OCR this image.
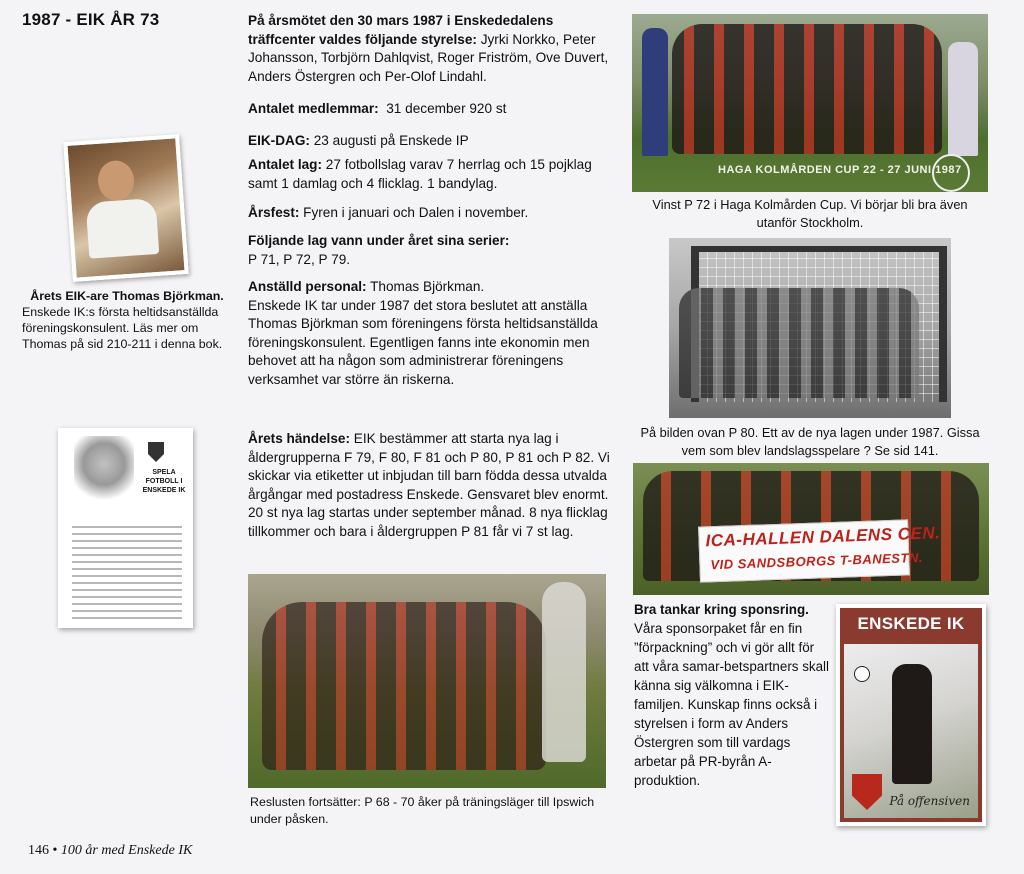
1987 - EIK ÅR 73
Årets EIK-are Thomas Björkman.
Enskede IK:s första heltidsanställda föreningskonsulent. Läs mer om Thomas på sid 210-211 i denna bok.
SPELA FOTBOLL I ENSKEDE IK
På årsmötet den 30 mars 1987 i Enskededalens träffcenter valdes följande styrelse: Jyrki Norkko, Peter Johansson, Torbjörn Dahlqvist, Roger Friström, Ove Duvert, Anders Östergren och Per-Olof Lindahl.
Antalet medlemmar: 31 december 920 st
EIK-DAG: 23 augusti på Enskede IP
Antalet lag: 27 fotbollslag varav 7 herrlag och 15 pojklag samt 1 damlag och 4 flicklag. 1 bandylag.
Årsfest: Fyren i januari och Dalen i november.
Följande lag vann under året sina serier:
P 71, P 72, P 79.
Anställd personal: Thomas Björkman.
Enskede IK tar under 1987 det stora beslutet att anställa Thomas Björkman som föreningens första heltidsanställda föreningskonsulent. Egentligen fanns inte ekonomin men behovet att ha någon som administrerar föreningens verksamhet var större än riskerna.
Årets händelse: EIK bestämmer att starta nya lag i åldergrupperna F 79, F 80, F 81 och P 80, P 81 och P 82. Vi skickar via etiketter ut inbjudan till barn födda dessa utvalda årgångar med postadress Enskede. Gensvaret blev enormt. 20 st nya lag startas under september månad. 8 nya flicklag tillkommer och bara i åldergruppen P 81 får vi 7 st lag.
Reslusten fortsätter: P 68 - 70 åker på träningsläger till Ipswich under påsken.
HAGA KOLMÅRDEN CUP 22 - 27 JUNI 1987
Vinst P 72 i Haga Kolmården Cup. Vi börjar bli bra även utanför Stockholm.
På bilden ovan P 80. Ett av de nya lagen under 1987. Gissa vem som blev landslagsspelare ? Se sid 141.
ICA-HALLEN DALENS CEN.
VID SANDSBORGS T-BANESTN.
Bra tankar kring sponsring.
Våra sponsorpaket får en fin ”förpackning” och vi gör allt för att våra samar-betspartners skall känna sig välkomna i EIK-familjen. Kunskap finns också i styrelsen i form av Anders Östergren som till vardags arbetar på PR-byrån A-produktion.
ENSKEDE IK
På offensiven
146 • 100 år med Enskede IK
